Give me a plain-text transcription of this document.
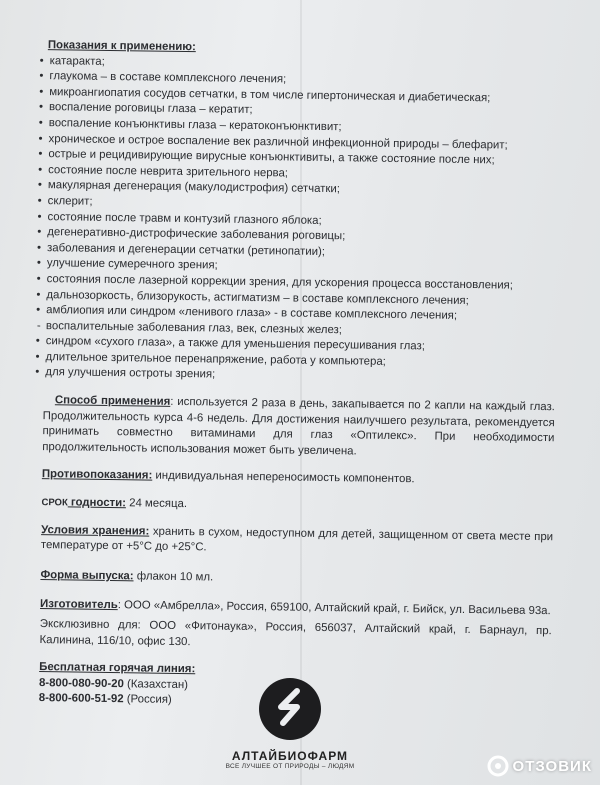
Показания к применению:
• катаракта;
• глаукома – в составе комплексного лечения;
• микроангиопатия сосудов сетчатки, в том числе гипертоническая и диабетическая;
• воспаление роговицы глаза – кератит;
• воспаление конъюнктивы глаза – кератоконъюнктивит;
• хроническое и острое воспаление век различной инфекционной природы – блефарит;
• острые и рецидивирующие вирусные конъюнктивиты, а также состояние после них;
• состояние после неврита зрительного нерва;
• макулярная дегенерация (макулодистрофия) сетчатки;
• склерит;
• состояние после травм и контузий глазного яблока;
• дегенеративно-дистрофические заболевания роговицы;
• заболевания и дегенерации сетчатки (ретинопатии);
• улучшение сумеречного зрения;
• состояния после лазерной коррекции зрения, для ускорения процесса восстановления;
• дальнозоркость, близорукость, астигматизм – в составе комплексного лечения;
• амблиопия или синдром «ленивого глаза» - в составе комплексного лечения;
- воспалительные заболевания глаз, век, слезных желез;
• синдром «сухого глаза», а также для уменьшения пересушивания глаз;
• длительное зрительное перенапряжение, работа у компьютера;
• для улучшения остроты зрения;
Способ применения: используется 2 раза в день, закапывается по 2 капли на каждый глаз. Продолжительность курса 4-6 недель. Для достижения наилучшего результата, рекомендуется принимать совместно витаминами для глаз «Оптилекс». При необходимости продолжительность использования может быть увеличена.
Противопоказания: индивидуальная непереносимость компонентов.
СРОК годности: 24 месяца.
Условия хранения: хранить в сухом, недоступном для детей, защищенном от света месте при температуре от +5°С до +25°С.
Форма выпуска: флакон 10 мл.
Изготовитель: ООО «Амбрелла», Россия, 659100, Алтайский край, г. Бийск, ул. Васильева 93а.
Эксклюзивно для: ООО «Фитонаука», Россия, 656037, Алтайский край, г. Барнаул, пр. Калинина, 116/10, офис 130.
Бесплатная горячая линия:
8-800-080-90-20 (Казахстан)
8-800-600-51-92 (Россия)
АЛТАЙБИОФАРМ
ВСЕ ЛУЧШЕЕ ОТ ПРИРОДЫ – ЛЮДЯМ	ОТЗОВИК
